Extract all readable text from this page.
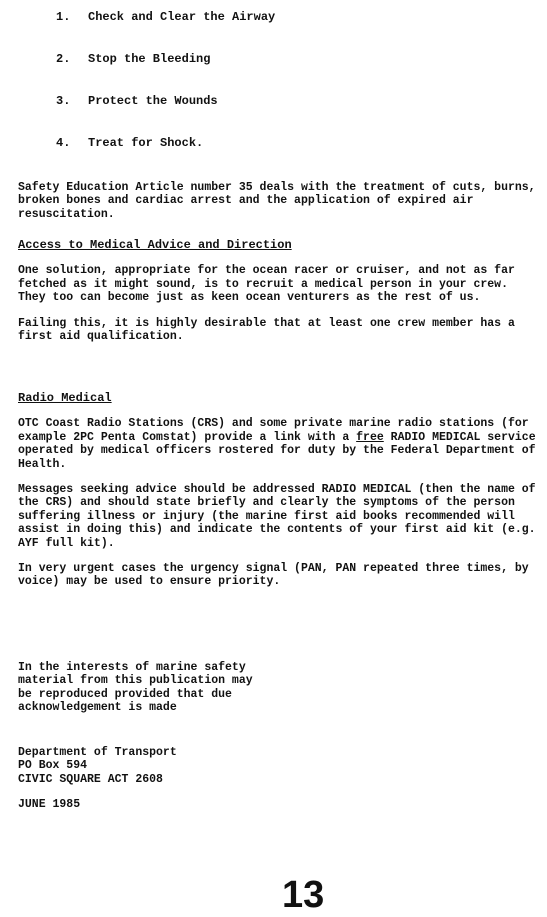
1.	Check and Clear the Airway
2.	Stop the Bleeding
3.	Protect the Wounds
4.	Treat for Shock.

Safety Education Article number 35 deals with the treatment of cuts, burns, broken bones and cardiac arrest and the application of expired air resuscitation.

Access to Medical Advice and Direction

One solution, appropriate for the ocean racer or cruiser, and not as far fetched as it might sound, is to recruit a medical person in your crew. They too can become just as keen ocean venturers as the rest of us.

Failing this, it is highly desirable that at least one crew member has a first aid qualification.

Radio Medical

OTC Coast Radio Stations (CRS) and some private marine radio stations (for example 2PC Penta Comstat) provide a link with a free RADIO MEDICAL service operated by medical officers rostered for duty by the Federal Department of Health.

Messages seeking advice should be addressed RADIO MEDICAL (then the name of the CRS) and should state briefly and clearly the symptoms of the person suffering illness or injury (the marine first aid books recommended will assist in doing this) and indicate the contents of your first aid kit (e.g. AYF full kit).

In very urgent cases the urgency signal (PAN, PAN repeated three times, by voice) may be used to ensure priority.

In the interests of marine safety

material from this publication may

be reproduced provided that due

acknowledgement is made

Department of Transport

PO Box 594

CIVIC SQUARE ACT 2608

JUNE 1985

13
